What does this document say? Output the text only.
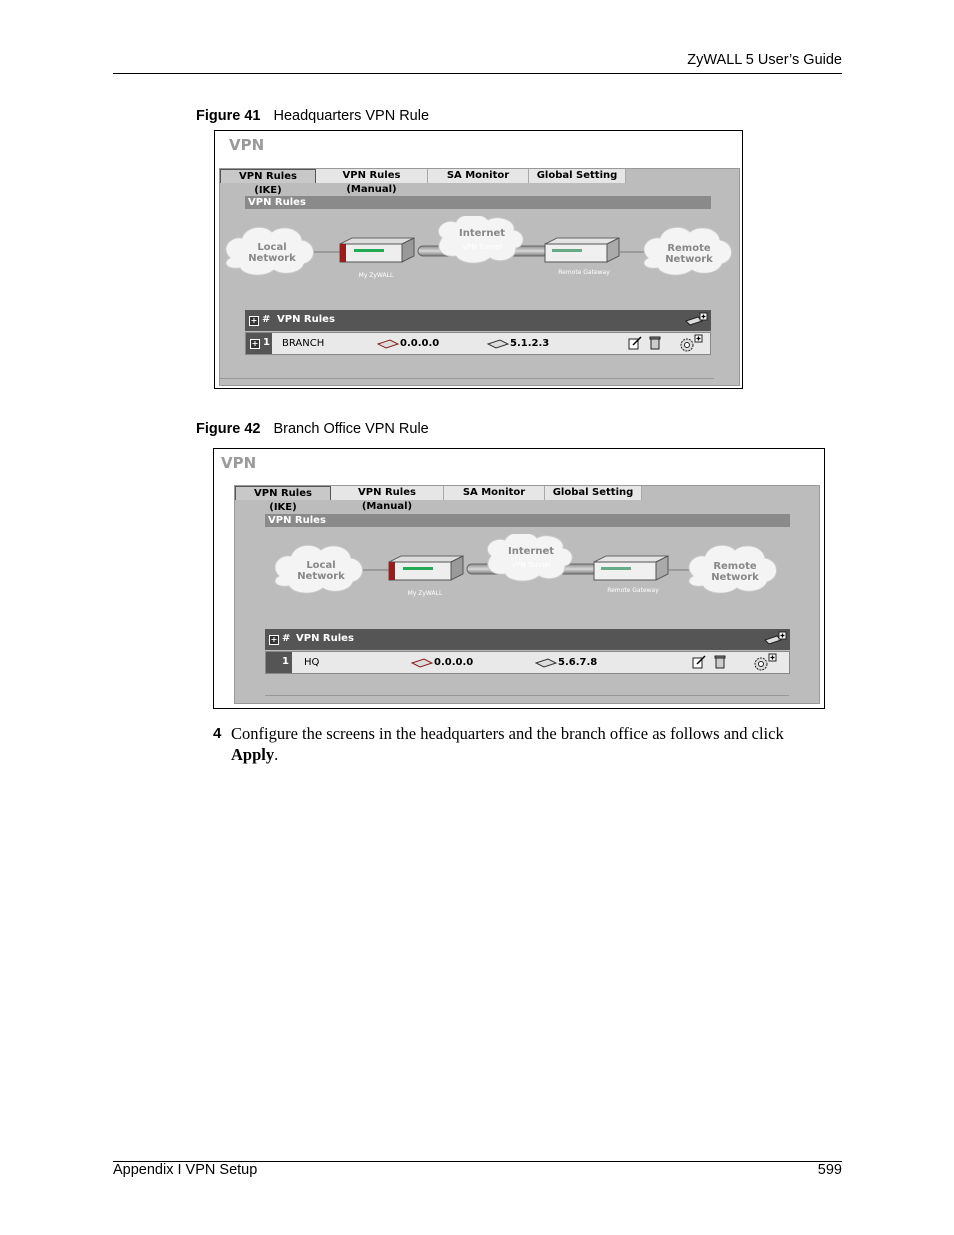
ZyWALL 5 User’s Guide
Figure 41 Headquarters VPN Rule
VPN
VPN Rules (IKE)
VPN Rules (Manual)
SA Monitor	Global Setting
VPN Rules
Local
Network
My ZyWALL
Internet
VPN Tunnel
Remote Gateway
Remote
Network
+ # VPN Rules
+ 1 BRANCH	0.0.0.0	5.1.2.3
Figure 42 Branch Office VPN Rule
VPN
VPN Rules (IKE)
VPN Rules (Manual)
SA Monitor	Global Setting
VPN Rules
Local
Network
My ZyWALL
Internet
VPN Tunnel
Remote Gateway
Remote
Network
+ # VPN Rules
1 HQ	0.0.0.0	5.6.7.8
4 Configure the screens in the headquarters and the branch office as follows and click Apply.
Appendix I VPN Setup	599
